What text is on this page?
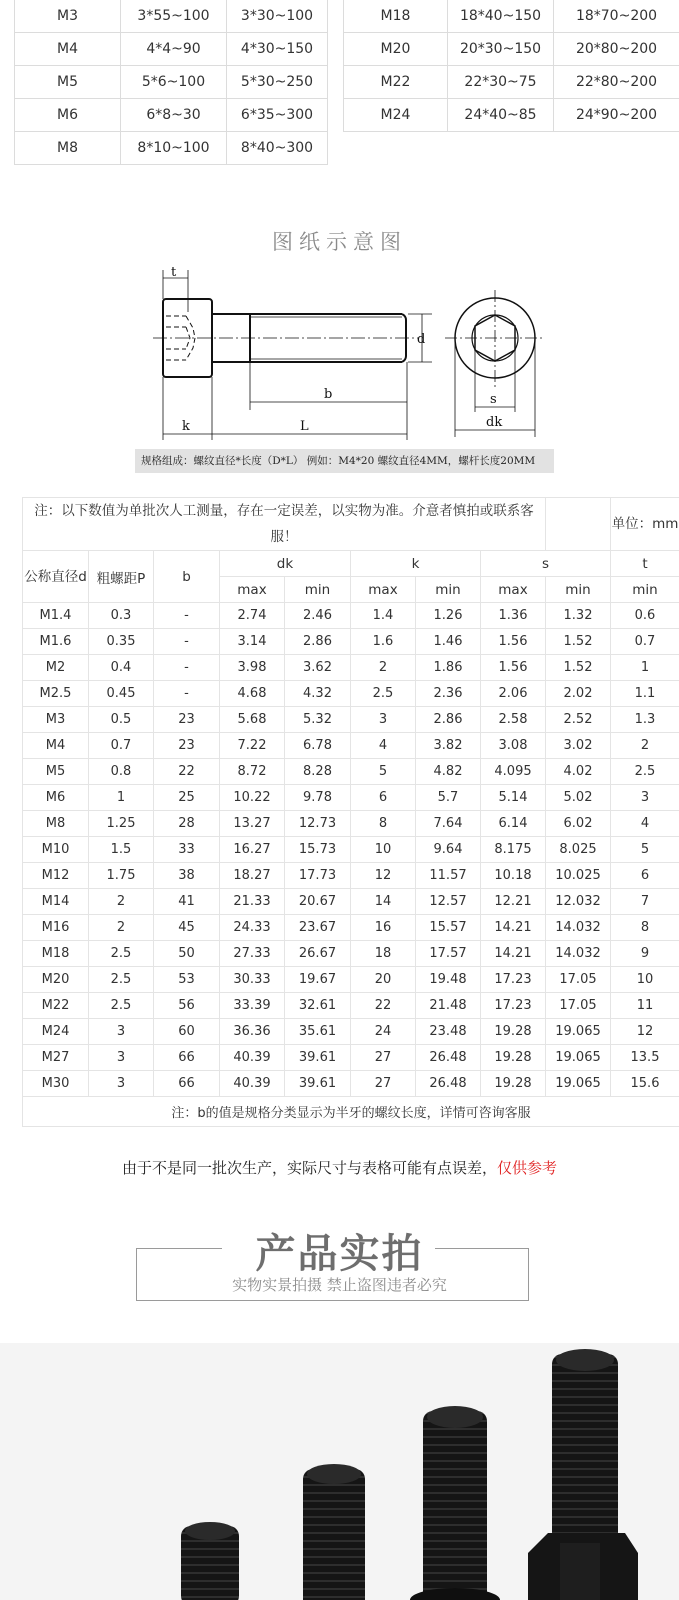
M3	3*55~100	3*30~100
M4	4*4~90	4*30~150
M5	5*6~100	5*30~250
M6	6*8~30	6*35~300
M8	8*10~100	8*40~300
M18	18*40~150	18*70~200
M20	20*30~150	20*80~200
M22	22*30~75	22*80~200
M24	24*40~85	24*90~200
图纸示意图
t
d
b
k	L
s
dk
规格组成：螺纹直径*长度（D*L） 例如：M4*20 螺纹直径4MM，螺杆长度20MM
注：以下数值为单批次人工测量，存在一定误差，以实物为准。介意者慎拍或联系客服！									单位：mm
公称直径d	粗螺距P	b	dk		k		s		t
			max	min	max	min	max	min	min
M1.4	0.3	-	2.74	2.46	1.4	1.26	1.36	1.32	0.6
M1.6	0.35	-	3.14	2.86	1.6	1.46	1.56	1.52	0.7
M2	0.4	-	3.98	3.62	2	1.86	1.56	1.52	1
M2.5	0.45	-	4.68	4.32	2.5	2.36	2.06	2.02	1.1
M3	0.5	23	5.68	5.32	3	2.86	2.58	2.52	1.3
M4	0.7	23	7.22	6.78	4	3.82	3.08	3.02	2
M5	0.8	22	8.72	8.28	5	4.82	4.095	4.02	2.5
M6	1	25	10.22	9.78	6	5.7	5.14	5.02	3
M8	1.25	28	13.27	12.73	8	7.64	6.14	6.02	4
M10	1.5	33	16.27	15.73	10	9.64	8.175	8.025	5
M12	1.75	38	18.27	17.73	12	11.57	10.18	10.025	6
M14	2	41	21.33	20.67	14	12.57	12.21	12.032	7
M16	2	45	24.33	23.67	16	15.57	14.21	14.032	8
M18	2.5	50	27.33	26.67	18	17.57	14.21	14.032	9
M20	2.5	53	30.33	19.67	20	19.48	17.23	17.05	10
M22	2.5	56	33.39	32.61	22	21.48	17.23	17.05	11
M24	3	60	36.36	35.61	24	23.48	19.28	19.065	12
M27	3	66	40.39	39.61	27	26.48	19.28	19.065	13.5
M30	3	66	40.39	39.61	27	26.48	19.28	19.065	15.6
注：b的值是规格分类显示为半牙的螺纹长度，详情可咨询客服									
由于不是同一批次生产，实际尺寸与表格可能有点误差，仅供参考
产品实拍
实物实景拍摄 禁止盗图违者必究
